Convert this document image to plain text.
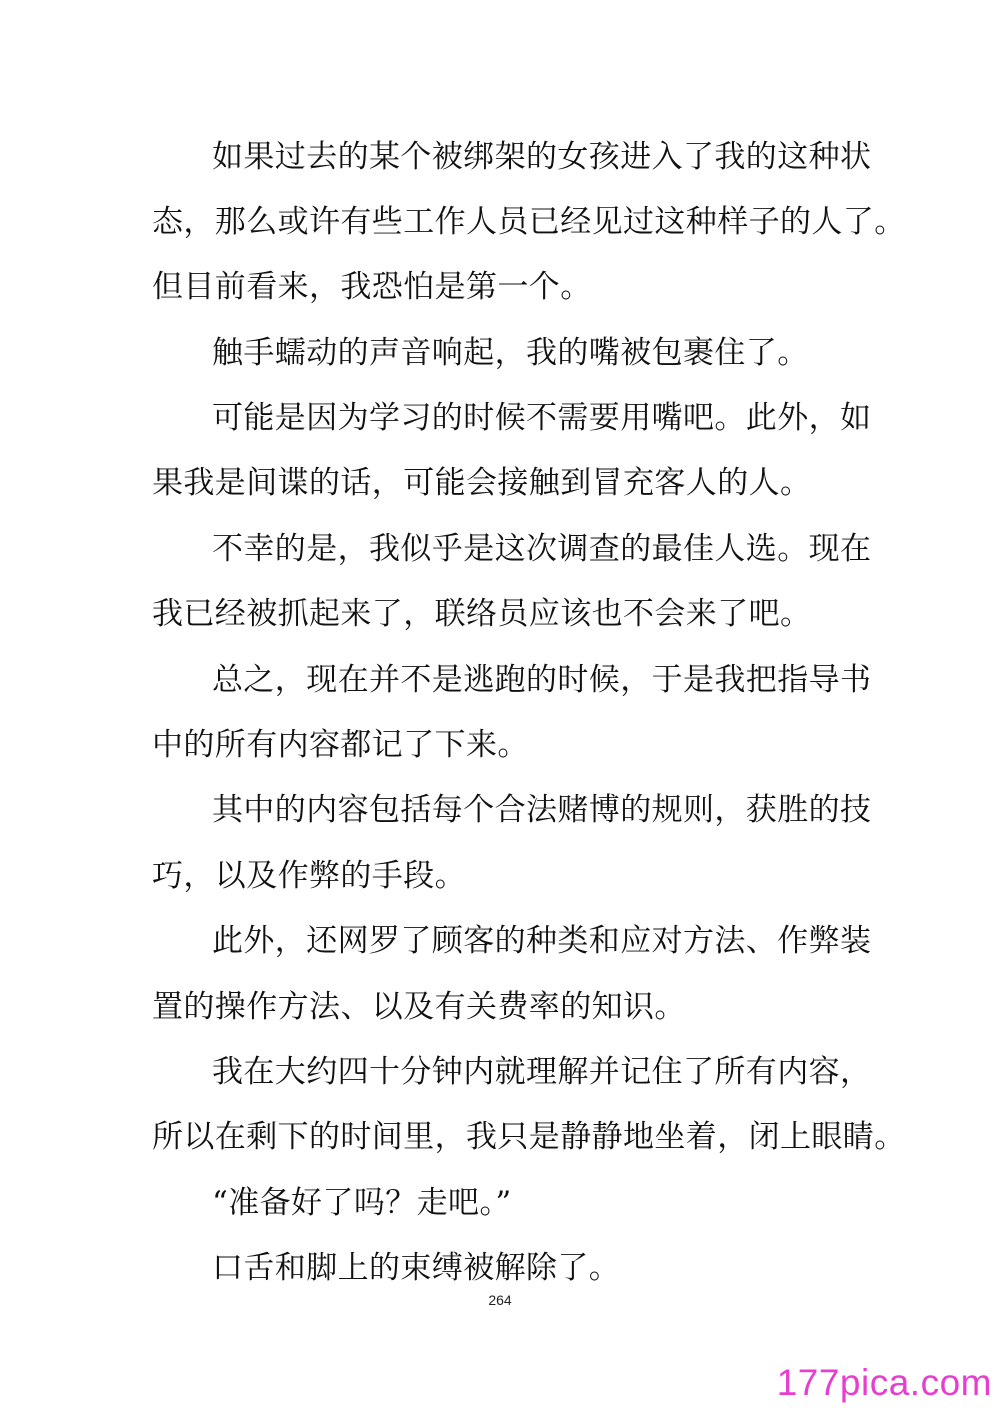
如果过去的某个被绑架的女孩进入了我的这种状
态，那么或许有些工作人员已经见过这种样子的人了。
但目前看来，我恐怕是第一个。
触手蠕动的声音响起，我的嘴被包裹住了。
可能是因为学习的时候不需要用嘴吧。此外，如
果我是间谍的话，可能会接触到冒充客人的人。
不幸的是，我似乎是这次调查的最佳人选。现在
我已经被抓起来了，联络员应该也不会来了吧。
总之，现在并不是逃跑的时候，于是我把指导书
中的所有内容都记了下来。
其中的内容包括每个合法赌博的规则，获胜的技
巧，以及作弊的手段。
此外，还网罗了顾客的种类和应对方法、作弊装
置的操作方法、以及有关费率的知识。
我在大约四十分钟内就理解并记住了所有内容，
所以在剩下的时间里，我只是静静地坐着，闭上眼睛。
“准备好了吗？走吧。”
口舌和脚上的束缚被解除了。
264
177pica.com
